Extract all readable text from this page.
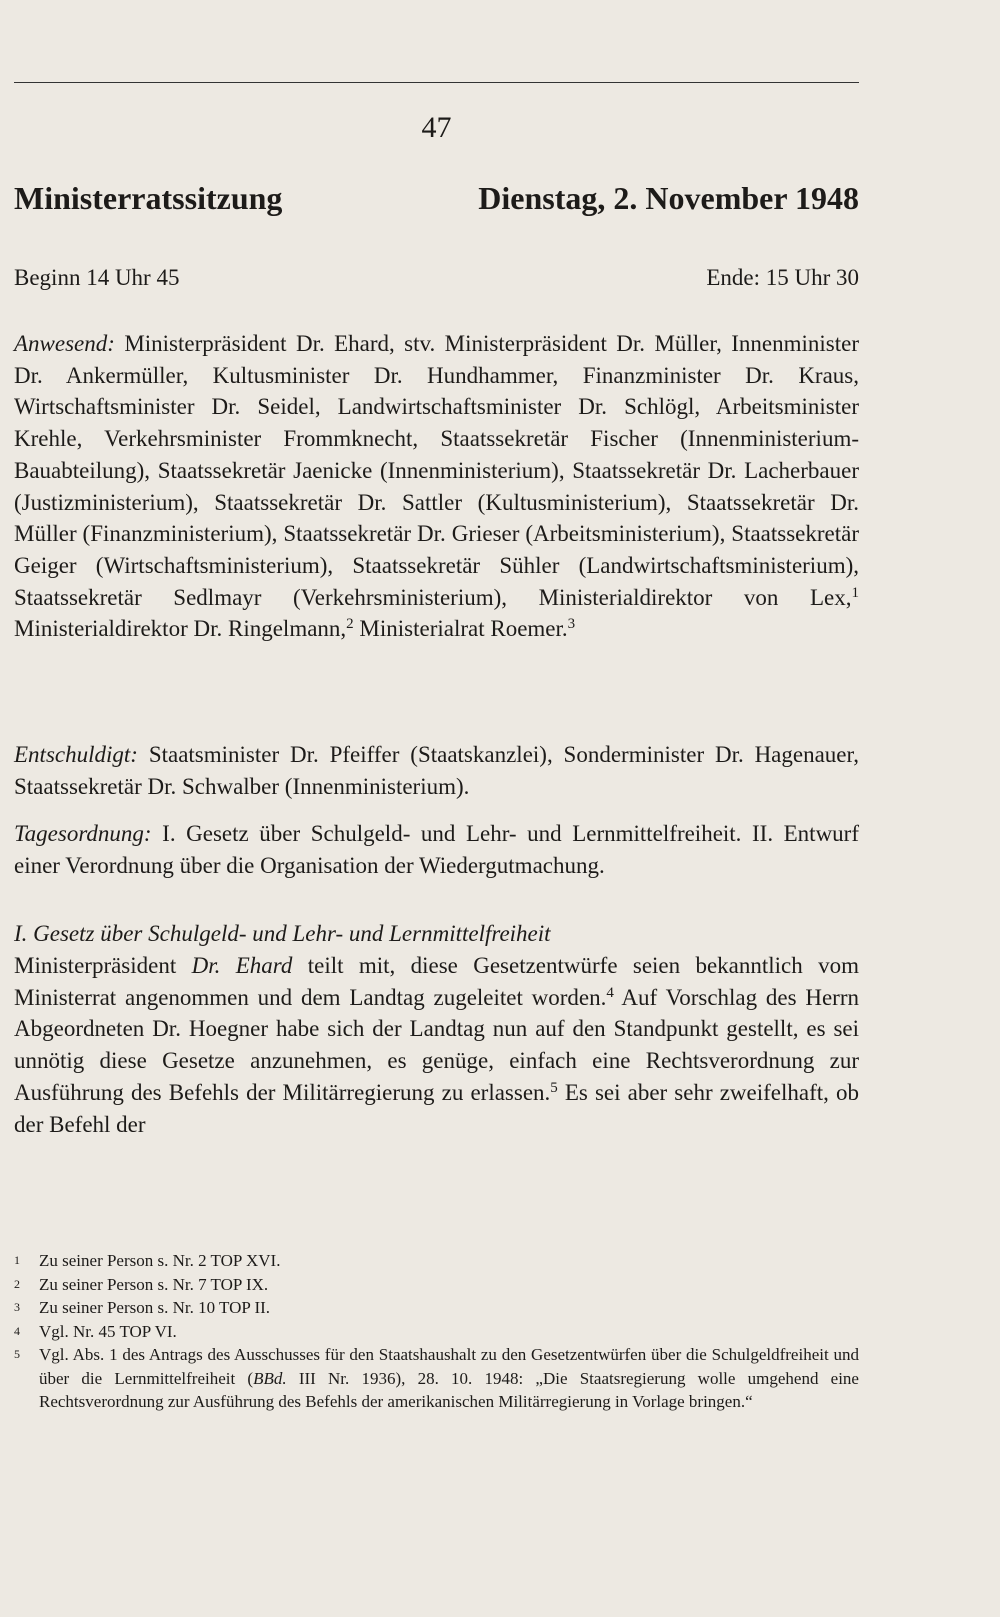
47
Ministerratssitzung	Dienstag, 2. November 1948
Beginn 14 Uhr 45	Ende: 15 Uhr 30
Anwesend: Ministerpräsident Dr. Ehard, stv. Ministerpräsident Dr. Müller, Innenminister Dr. Ankermüller, Kultusminister Dr. Hundhammer, Finanzminister Dr. Kraus, Wirtschaftsminister Dr. Seidel, Landwirtschaftsminister Dr. Schlögl, Arbeitsminister Krehle, Verkehrsminister Frommknecht, Staatssekretär Fischer (Innenministerium-Bauabteilung), Staatssekretär Jaenicke (Innenministerium), Staatssekretär Dr. Lacherbauer (Justizministerium), Staatssekretär Dr. Sattler (Kultusministerium), Staatssekretär Dr. Müller (Finanzministerium), Staatssekretär Dr. Grieser (Arbeitsministerium), Staatssekretär Geiger (Wirtschaftsministerium), Staatssekretär Sühler (Landwirtschaftsministerium), Staatssekretär Sedlmayr (Verkehrsministerium), Ministerialdirektor von Lex,$^1$ Ministerialdirektor Dr. Ringelmann,$^2$ Ministerialrat Roemer.$^3$
Entschuldigt: Staatsminister Dr. Pfeiffer (Staatskanzlei), Sonderminister Dr. Hagenauer, Staatssekretär Dr. Schwalber (Innenministerium).
Tagesordnung: I. Gesetz über Schulgeld- und Lehr- und Lernmittelfreiheit. II. Entwurf einer Verordnung über die Organisation der Wiedergutmachung.
I. Gesetz über Schulgeld- und Lehr- und Lernmittelfreiheit
Ministerpräsident Dr. Ehard teilt mit, diese Gesetzentwürfe seien bekanntlich vom Ministerrat angenommen und dem Landtag zugeleitet worden.$^4$ Auf Vorschlag des Herrn Abgeordneten Dr. Hoegner habe sich der Landtag nun auf den Standpunkt gestellt, es sei unnötig diese Gesetze anzunehmen, es genüge, einfach eine Rechtsverordnung zur Ausführung des Befehls der Militärregierung zu erlassen.$^5$ Es sei aber sehr zweifelhaft, ob der Befehl der
1	Zu seiner Person s. Nr. 2 TOP XVI.
2	Zu seiner Person s. Nr. 7 TOP IX.
3	Zu seiner Person s. Nr. 10 TOP II.
4	Vgl. Nr. 45 TOP VI.
5	Vgl. Abs. 1 des Antrags des Ausschusses für den Staatshaushalt zu den Gesetzentwürfen über die Schulgeldfreiheit und über die Lernmittelfreiheit (BBd. III Nr. 1936), 28. 10. 1948: „Die Staatsregierung wolle umgehend eine Rechtsverordnung zur Ausführung des Befehls der amerikanischen Militärregierung in Vorlage bringen.“
